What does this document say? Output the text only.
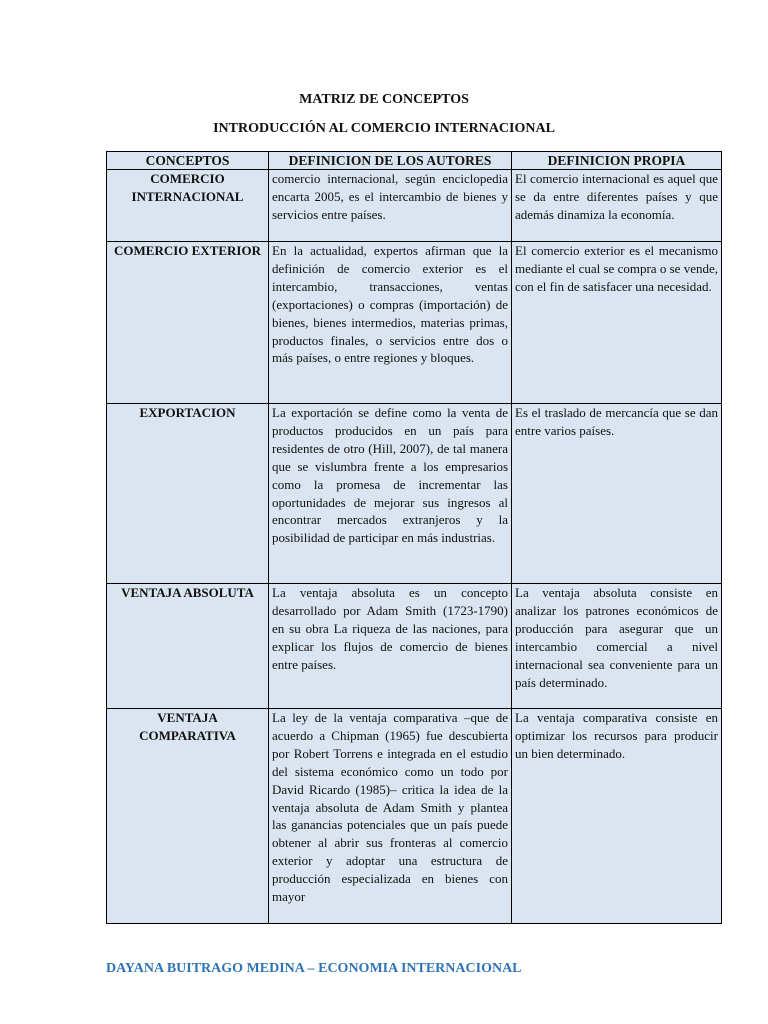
MATRIZ DE CONCEPTOS
INTRODUCCIÓN AL COMERCIO INTERNACIONAL
CONCEPTOS	DEFINICION DE LOS AUTORES	DEFINICION PROPIA
COMERCIO INTERNACIONAL	comercio internacional, según enciclopedia encarta 2005, es el intercambio de bienes y servicios entre países.	El comercio internacional es aquel que se da entre diferentes países y que además dinamiza la economía.
COMERCIO EXTERIOR	En la actualidad, expertos afirman que la definición de comercio exterior es el intercambio, transacciones, ventas (exportaciones) o compras (importación) de bienes, bienes intermedios, materias primas, productos finales, o servicios entre dos o más países, o entre regiones y bloques.	El comercio exterior es el mecanismo mediante el cual se compra o se vende, con el fin de satisfacer una necesidad.
EXPORTACION	La exportación se define como la venta de productos producidos en un país para residentes de otro (Hill, 2007), de tal manera que se vislumbra frente a los empresarios como la promesa de incrementar las oportunidades de mejorar sus ingresos al encontrar mercados extranjeros y la posibilidad de participar en más industrias.	Es el traslado de mercancía que se dan entre varios países.
VENTAJA ABSOLUTA	La ventaja absoluta es un concepto desarrollado por Adam Smith (1723-1790) en su obra La riqueza de las naciones, para explicar los flujos de comercio de bienes entre países.	La ventaja absoluta consiste en analizar los patrones económicos de producción para asegurar que un intercambio comercial a nivel internacional sea conveniente para un país determinado.
VENTAJA COMPARATIVA	La ley de la ventaja comparativa –que de acuerdo a Chipman (1965) fue descubierta por Robert Torrens e integrada en el estudio del sistema económico como un todo por David Ricardo (1985)– critica la idea de la ventaja absoluta de Adam Smith y plantea las ganancias potenciales que un país puede obtener al abrir sus fronteras al comercio exterior y adoptar una estructura de producción especializada en bienes con mayor	La ventaja comparativa consiste en optimizar los recursos para producir un bien determinado.
DAYANA BUITRAGO MEDINA – ECONOMIA INTERNACIONAL
